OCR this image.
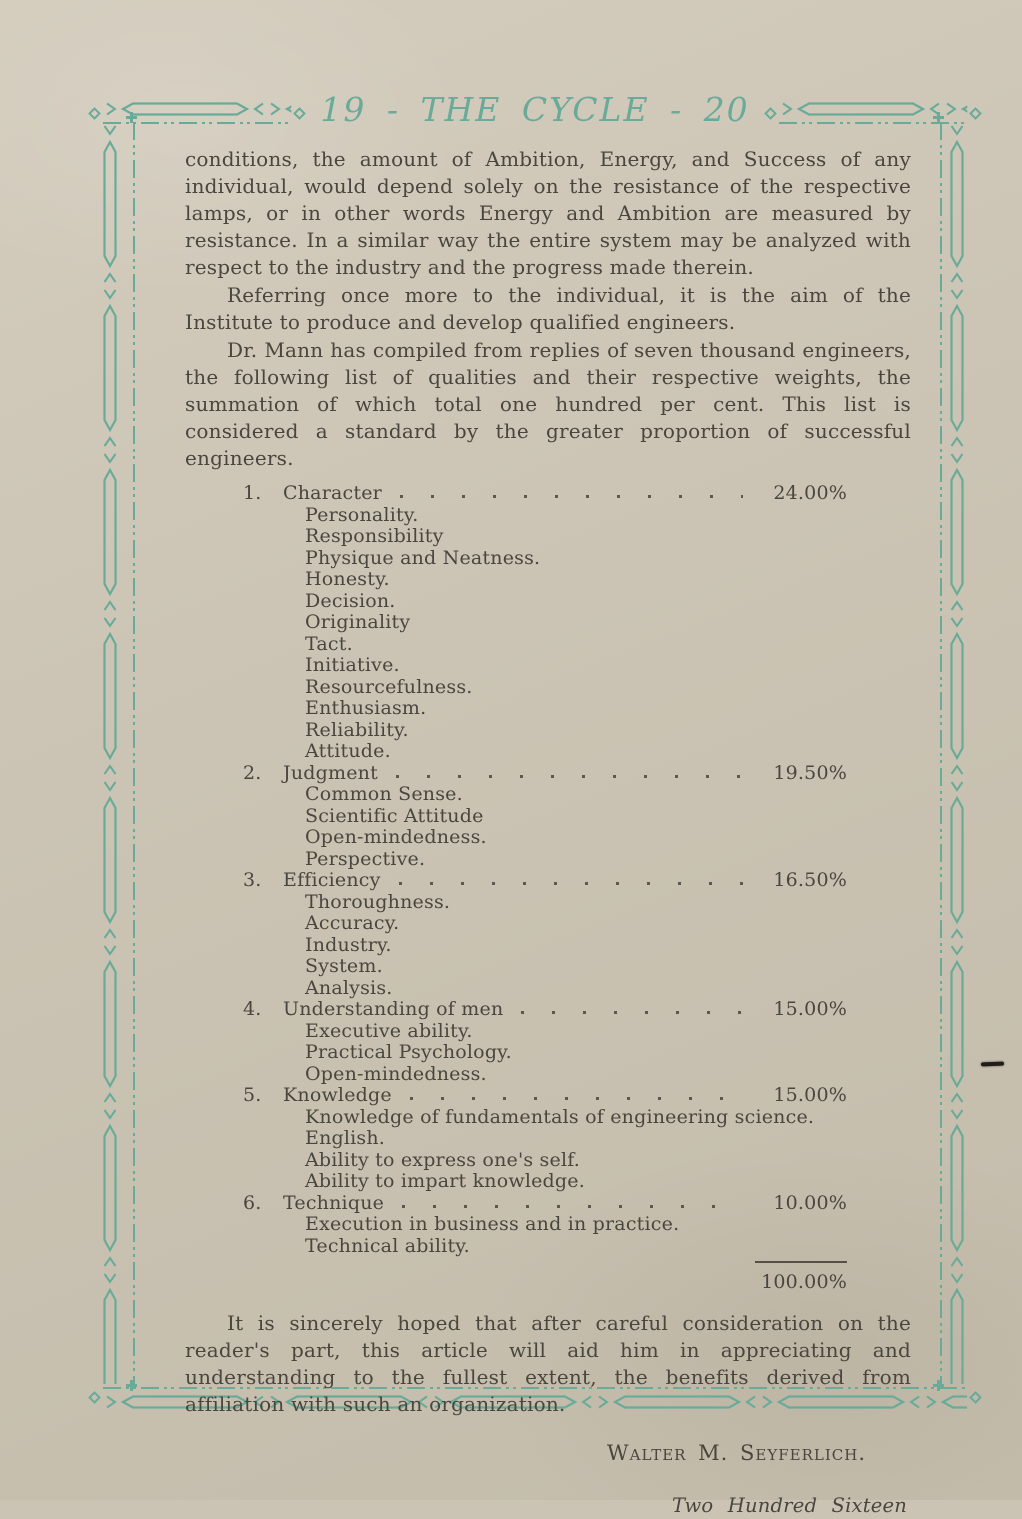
19 - THE CYCLE - 20

conditions, the amount of Ambition, Energy, and Success of any individual, would depend solely on the resistance of the respective lamps, or in other words Energy and Ambition are measured by resistance. In a similar way the entire system may be analyzed with respect to the industry and the progress made therein.

Referring once more to the individual, it is the aim of the Institute to produce and develop qualified engineers.

Dr. Mann has compiled from replies of seven thousand engineers, the following list of qualities and their respective weights, the summation of which total one hundred per cent. This list is considered a standard by the greater proportion of successful engineers.

1.	Character	24.00%
Personality.
Responsibility
Physique and Neatness.
Honesty.
Decision.
Originality
Tact.
Initiative.
Resourcefulness.
Enthusiasm.
Reliability.
Attitude.
2.	Judgment	19.50%
Common Sense.
Scientific Attitude
Open-mindedness.
Perspective.
3.	Efficiency	16.50%
Thoroughness.
Accuracy.
Industry.
System.
Analysis.
4.	Understanding of men	15.00%
Executive ability.
Practical Psychology.
Open-mindedness.
5.	Knowledge	15.00%
Knowledge of fundamentals of engineering science.
English.
Ability to express one's self.
Ability to impart knowledge.
6.	Technique	10.00%
Execution in business and in practice.
Technical ability.
100.00%

It is sincerely hoped that after careful consideration on the reader's part, this article will aid him in appreciating and understanding to the fullest extent, the benefits derived from affiliation with such an organization.

Walter M. Seyferlich.
Two Hundred Sixteen
